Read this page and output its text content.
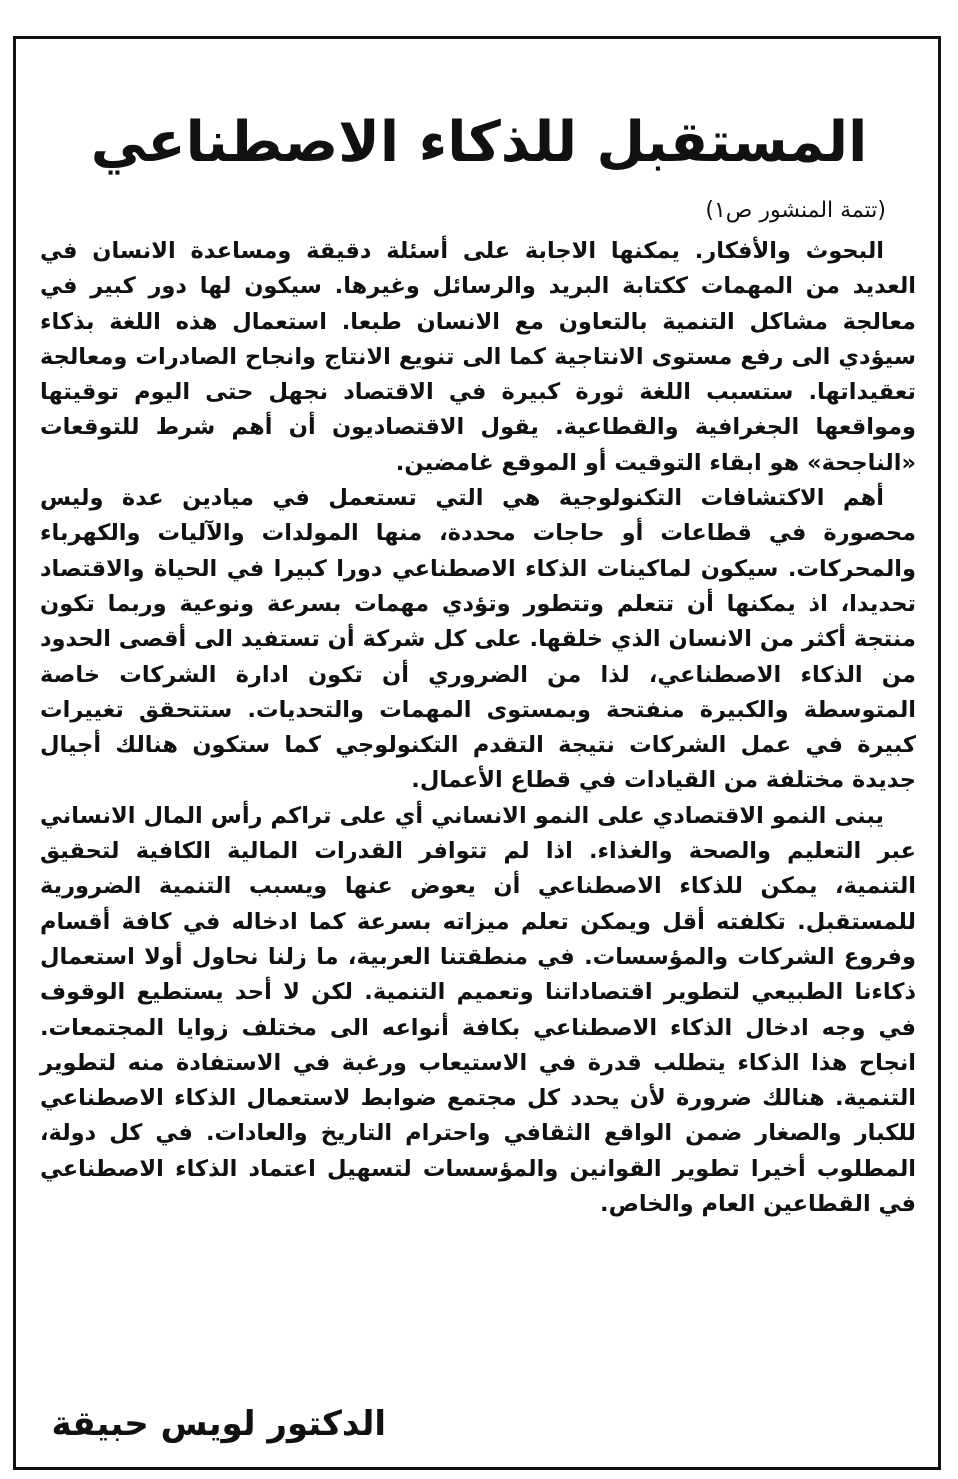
المستقبل للذكاء الاصطناعي
(تتمة المنشور ص١)

البحوث والأفكار. يمكنها الاجابة على أسئلة دقيقة ومساعدة الانسان في العديد من المهمات ككتابة البريد والرسائل وغيرها. سيكون لها دور كبير في معالجة مشاكل التنمية بالتعاون مع الانسان طبعا. استعمال هذه اللغة بذكاء سيؤدي الى رفع مستوى الانتاجية كما الى تنويع الانتاج وانجاح الصادرات ومعالجة تعقيداتها. ستسبب اللغة ثورة كبيرة في الاقتصاد نجهل حتى اليوم توقيتها ومواقعها الجغرافية والقطاعية. يقول الاقتصاديون أن أهم شرط للتوقعات «الناجحة» هو ابقاء التوقيت أو الموقع غامضين.

أهم الاكتشافات التكنولوجية هي التي تستعمل في ميادين عدة وليس محصورة في قطاعات أو حاجات محددة، منها المولدات والآليات والكهرباء والمحركات. سيكون لماكينات الذكاء الاصطناعي دورا كبيرا في الحياة والاقتصاد تحديدا، اذ يمكنها أن تتعلم وتتطور وتؤدي مهمات بسرعة ونوعية وربما تكون منتجة أكثر من الانسان الذي خلقها. على كل شركة أن تستفيد الى أقصى الحدود من الذكاء الاصطناعي، لذا من الضروري أن تكون ادارة الشركات خاصة المتوسطة والكبيرة منفتحة وبمستوى المهمات والتحديات. ستتحقق تغييرات كبيرة في عمل الشركات نتيجة التقدم التكنولوجي كما ستكون هنالك أجيال جديدة مختلفة من القيادات في قطاع الأعمال.

يبنى النمو الاقتصادي على النمو الانساني أي على تراكم رأس المال الانساني عبر التعليم والصحة والغذاء. اذا لم تتوافر القدرات المالية الكافية لتحقيق التنمية، يمكن للذكاء الاصطناعي أن يعوض عنها ويسبب التنمية الضرورية للمستقبل. تكلفته أقل ويمكن تعلم ميزاته بسرعة كما ادخاله في كافة أقسام وفروع الشركات والمؤسسات. في منطقتنا العربية، ما زلنا نحاول أولا استعمال ذكاءنا الطبيعي لتطوير اقتصاداتنا وتعميم التنمية. لكن لا أحد يستطيع الوقوف في وجه ادخال الذكاء الاصطناعي بكافة أنواعه الى مختلف زوايا المجتمعات. انجاح هذا الذكاء يتطلب قدرة في الاستيعاب ورغبة في الاستفادة منه لتطوير التنمية. هنالك ضرورة لأن يحدد كل مجتمع ضوابط لاستعمال الذكاء الاصطناعي للكبار والصغار ضمن الواقع الثقافي واحترام التاريخ والعادات. في كل دولة، المطلوب أخيرا تطوير القوانين والمؤسسات لتسهيل اعتماد الذكاء الاصطناعي في القطاعين العام والخاص.

الدكتور لويس حبيقة
